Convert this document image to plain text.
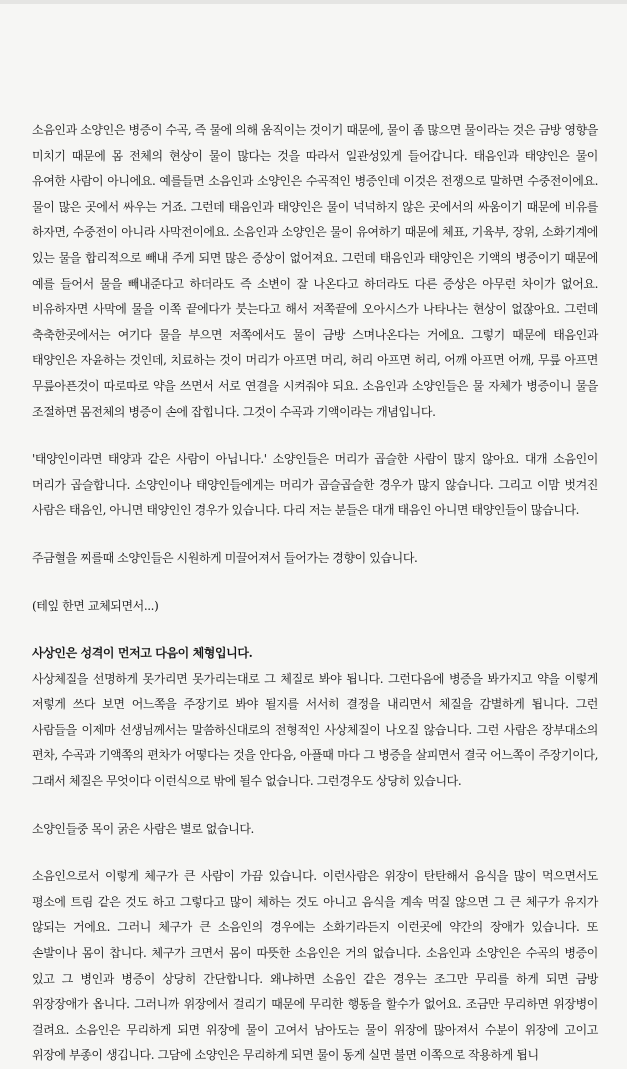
소음인과 소양인은 병증이 수곡, 즉 물에 의해 움직이는 것이기 때문에, 물이 좀 많으면 물이라는 것은 금방 영향을 미치기 때문에 몸 전체의 현상이 물이 많다는 것을 따라서 일관성있게 들어갑니다. 태음인과 태양인은 물이 유여한 사람이 아니에요. 예를들면 소음인과 소양인은 수곡적인 병증인데 이것은 전쟁으로 말하면 수중전이에요. 물이 많은 곳에서 싸우는 거죠. 그런데 태음인과 태양인은 물이 넉넉하지 않은 곳에서의 싸움이기 때문에 비유를 하자면, 수중전이 아니라 사막전이에요. 소음인과 소양인은 물이 유여하기 때문에 체표, 기육부, 장위, 소화기계에 있는 물을 합리적으로 빼내 주게 되면 많은 증상이 없어져요. 그런데 태음인과 태양인은 기액의 병증이기 때문에 예를 들어서 물을 빼내준다고 하더라도 즉 소변이 잘 나온다고 하더라도 다른 증상은 아무런 차이가 없어요. 비유하자면 사막에 물을 이쪽 끝에다가 붓는다고 해서 저쪽끝에 오아시스가 나타나는 현상이 없잖아요. 그런데 축축한곳에서는 여기다 물을 부으면 저쪽에서도 물이 금방 스며나온다는 거에요. 그렇기 때문에 태음인과 태양인은 자윤하는 것인데, 치료하는 것이 머리가 아프면 머리, 허리 아프면 허리, 어깨 아프면 어깨, 무릎 아프면 무릎아픈것이 따로따로 약을 쓰면서 서로 연결을 시켜줘야 되요. 소음인과 소양인들은 물 자체가 병증이니 물을 조절하면 몸전체의 병증이 손에 잡힙니다. 그것이 수곡과 기액이라는 개념입니다.

'태양인이라면 태양과 같은 사람이 아닙니다.' 소양인들은 머리가 곱슬한 사람이 많지 않아요. 대개 소음인이 머리가 곱슬합니다. 소양인이나 태양인들에게는 머리가 곱슬곱슬한 경우가 많지 않습니다. 그리고 이맘 벗겨진 사람은 태음인, 아니면 태양인인 경우가 있습니다. 다리 저는 분들은 대개 태음인 아니면 태양인들이 많습니다.

주금혈을 찌를때 소양인들은 시원하게 미끌어져서 들어가는 경향이 있습니다.

(테잎 한면 교체되면서...)

사상인은 성격이 먼저고 다음이 체형입니다.

사상체질을 선명하게 못가리면 못가리는대로 그 체질로 봐야 됩니다. 그런다음에 병증을 봐가지고 약을 이렇게 저렇게 쓰다 보면 어느쪽을 주장기로 봐야 될지를 서서히 결정을 내리면서 체질을 감별하게 됩니다. 그런 사람들을 이제마 선생님께서는 말씀하신대로의 전형적인 사상체질이 나오질 않습니다. 그런 사람은 장부대소의 편차, 수곡과 기액쪽의 편차가 어떻다는 것을 안다음, 아플때 마다 그 병증을 살피면서 결국 어느쪽이 주장기이다, 그래서 체질은 무엇이다 이런식으로 밖에 될수 없습니다. 그런경우도 상당히 있습니다.

소양인들중 목이 굵은 사람은 별로 없습니다.

소음인으로서 이렇게 체구가 큰 사람이 가끔 있습니다. 이런사람은 위장이 탄탄해서 음식을 많이 먹으면서도 평소에 트림 같은 것도 하고 그렇다고 많이 체하는 것도 아니고 음식을 계속 먹질 않으면 그 큰 체구가 유지가 않되는 거에요. 그러니 체구가 큰 소음인의 경우에는 소화기라든지 이런곳에 약간의 장애가 있습니다. 또 손발이나 몸이 찹니다. 체구가 크면서 몸이 따뜻한 소음인은 거의 없습니다. 소음인과 소양인은 수곡의 병증이 있고 그 병인과 병증이 상당히 간단합니다. 왜냐하면 소음인 같은 경우는 조그만 무리를 하게 되면 금방 위장장애가 옵니다. 그러니까 위장에서 걸리기 때문에 무리한 행동을 할수가 없어요. 조금만 무리하면 위장병이 걸려요. 소음인은 무리하게 되면 위장에 물이 고여서 남아도는 물이 위장에 많아져서 수분이 위장에 고이고 위장에 부종이 생깁니다. 그담에 소양인은 무리하게 되면 물이 동게 실면 불면 이쪽으로 작용하게 됩니
